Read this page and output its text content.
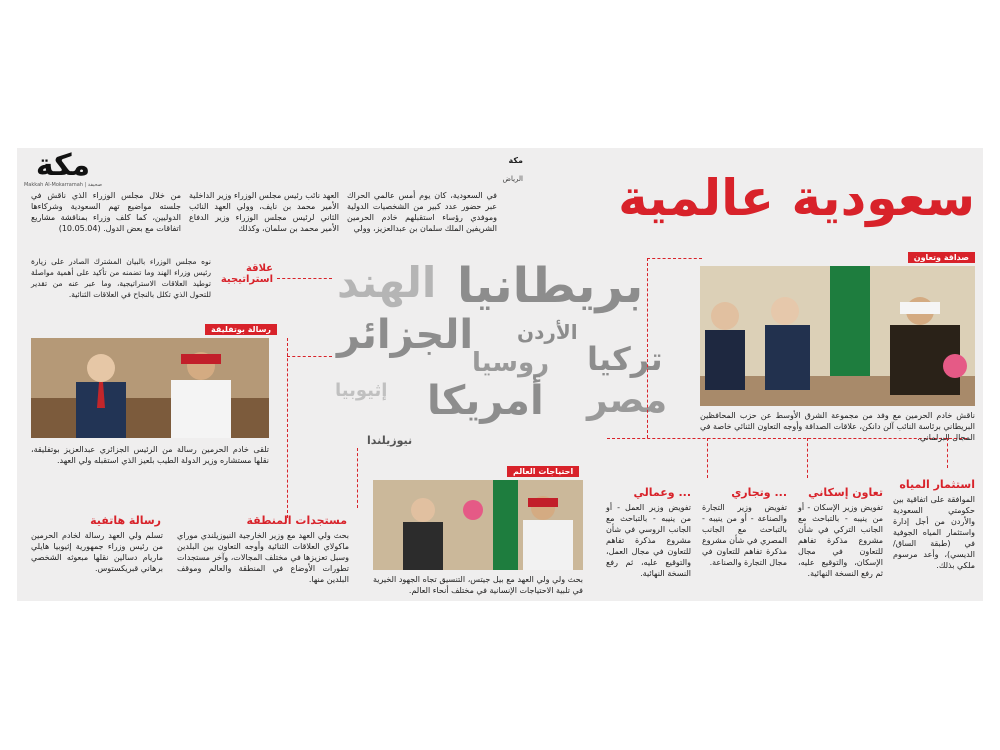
مكة
Makkah Al-Mokarramah | صحيفة
مكة
الرياض سعودية عالمية
في السعودية، كان يوم أمس عالمي الحراك عبر حضور عدد كبير من الشخصيات الدولية وموفدي رؤساء استقبلهم خادم الحرمين الشريفين الملك سلمان بن عبدالعزيز، وولي
العهد نائب رئيس مجلس الوزراء وزير الداخلية الأمير محمد بن نايف، وولي العهد النائب الثاني لرئيس مجلس الوزراء وزير الدفاع الأمير محمد بن سلمان، وكذلك
من خلال مجلس الوزراء الذي ناقش في جلسته مواضيع تهم السعودية وشركاءها الدوليين، كما كلف وزراء بمناقشة مشاريع اتفاقات مع بعض الدول. (10.05.04)
علاقة استراتيجية
نوه مجلس الوزراء بالبيان المشترك الصادر على زيارة رئيس وزراء الهند وما تضمنه من تأكيد على أهمية مواصلة توطيد العلاقات الاستراتيجية، وما عبر عنه من تقدير للتحول الذي تكلل بالنجاح في العلاقات الثنائية.	الهند بريطانيا
الأردن
الجزائر
روسيا تركيا
إثيوبيا أمريكا مصر
نيوزيلندا
رسالة بوتفليقة
تلقى خادم الحرمين رسالة من الرئيس الجزائري عبدالعزيز بوتفليقة، نقلها مستشاره وزير الدولة الطيب بلعيز الذي استقبله ولي العهد.
صداقة وتعاون
ناقش خادم الحرمين مع وفد من مجموعة الشرق الأوسط عن حزب المحافظين البريطاني برئاسة النائب آلن دانكن، علاقات الصداقة وأوجه التعاون الثنائي خاصة في المجال البرلماني.
احتياجات العالم
بحث ولي ولي العهد مع بيل جيتس، التنسيق تجاه الجهود الخيرية في تلبية الاحتياجات الإنسانية في مختلف أنحاء العالم.
استثمار المياه
الموافقة على اتفاقية بين حكومتي السعودية والأردن من أجل إدارة واستثمار المياه الجوفية في (طبقة الساق/الديسي)، وأعد مرسوم ملكي بذلك.
تعاون إسكاني
تفويض وزير الإسكان - أو من ينيبه - بالتباحث مع الجانب التركي في شأن مشروع مذكرة تفاهم للتعاون في مجال الإسكان، والتوقيع عليه، ثم رفع النسخة النهائية.
... وتجاري
تفويض وزير التجارة والصناعة - أو من ينيبه - بالتباحث مع الجانب المصري في شأن مشروع مذكرة تفاهم للتعاون في مجال التجارة والصناعة.
... وعمالي
تفويض وزير العمل - أو من ينيبه - بالتباحث مع الجانب الروسي في شأن مشروع مذكرة تفاهم للتعاون في مجال العمل، والتوقيع عليه، ثم رفع النسخة النهائية.
مستجدات المنطقة
بحث ولي العهد مع وزير الخارجية النيوزيلندي موراي ماكولاي العلاقات الثنائية وأوجه التعاون بين البلدين وسبل تعزيزها في مختلف المجالات، وآخر مستجدات تطورات الأوضاع في المنطقة والعالم وموقف البلدين منها.
رسالة هاتفية
تسلم ولي العهد رسالة لخادم الحرمين من رئيس وزراء جمهورية إثيوبيا هايلي ماريام دسالين نقلها مبعوثه الشخصي برهاني قبريكستوس.
